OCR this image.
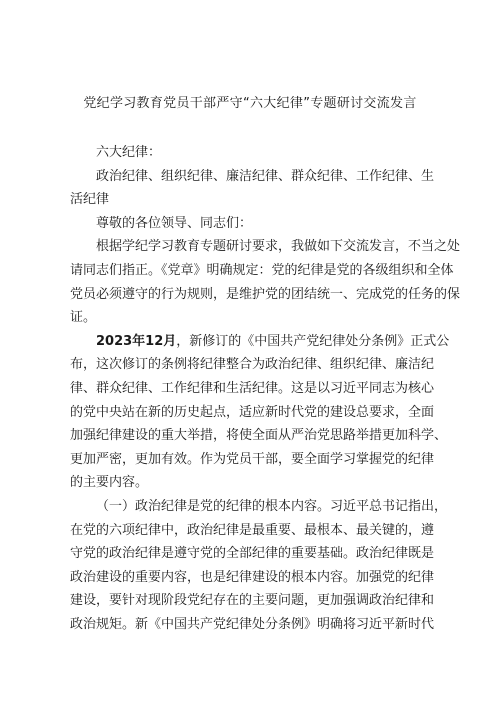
党纪学习教育党员干部严守“六大纪律”专题研讨交流发言
六大纪律：
政治纪律、组织纪律、廉洁纪律、群众纪律、工作纪律、生
活纪律
尊敬的各位领导、同志们：
根据学纪学习教育专题研讨要求，我做如下交流发言，不当之处
请同志们指正。《党章》明确规定：党的纪律是党的各级组织和全体
党员必须遵守的行为规则，是维护党的团结统一、完成党的任务的保
证。
2023年12月，新修订的《中国共产党纪律处分条例》正式公
布，这次修订的条例将纪律整合为政治纪律、组织纪律、廉洁纪
律、群众纪律、工作纪律和生活纪律。这是以习近平同志为核心
的党中央站在新的历史起点，适应新时代党的建设总要求，全面
加强纪律建设的重大举措，将使全面从严治党思路举措更加科学、
更加严密，更加有效。作为党员干部，要全面学习掌握党的纪律
的主要内容。
（一）政治纪律是党的纪律的根本内容。习近平总书记指出，
在党的六项纪律中，政治纪律是最重要、最根本、最关键的，遵
守党的政治纪律是遵守党的全部纪律的重要基础。政治纪律既是
政治建设的重要内容，也是纪律建设的根本内容。加强党的纪律
建设，要针对现阶段党纪存在的主要问题，更加强调政治纪律和
政治规矩。新《中国共产党纪律处分条例》明确将习近平新时代
